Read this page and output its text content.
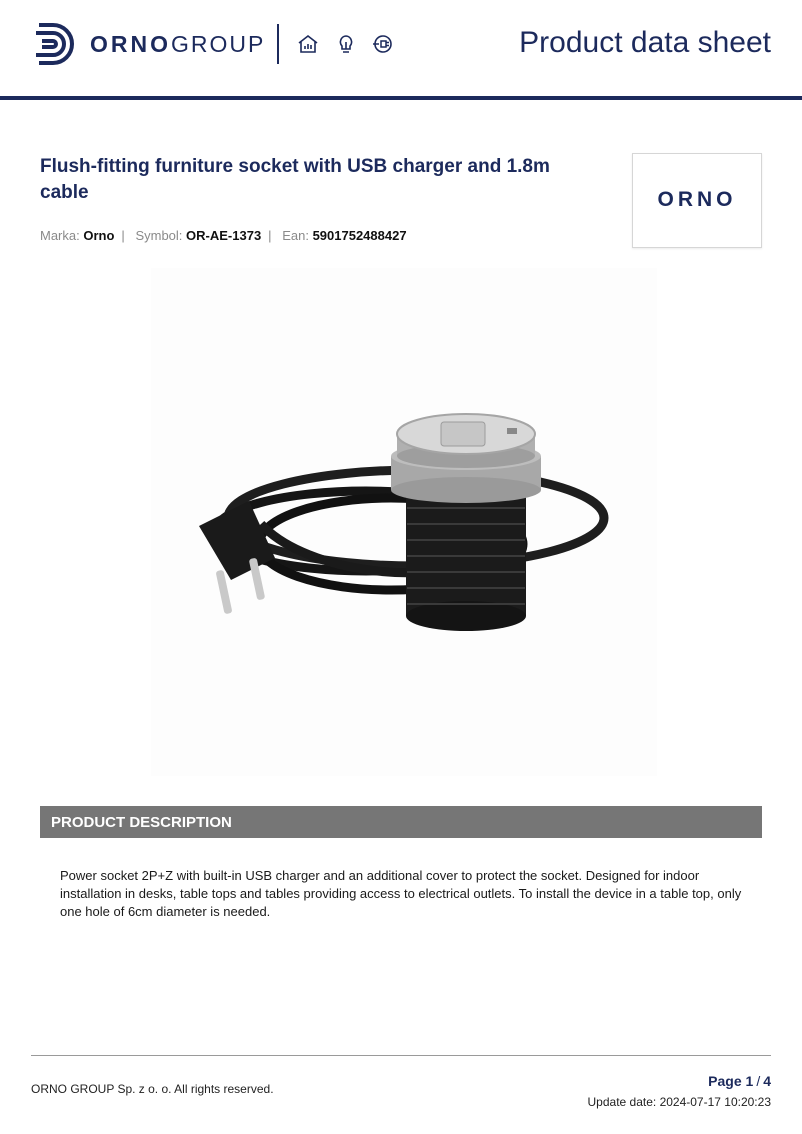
ORNOGROUP	Product data sheet
Flush-fitting furniture socket with USB charger and 1.8m cable
Marka: Orno | Symbol: OR-AE-1373 | Ean: 5901752488427
ORNO
PRODUCT DESCRIPTION
Power socket 2P+Z with built-in USB charger and an additional cover to protect the socket. Designed for indoor installation in desks, table tops and tables providing access to electrical outlets. To install the device in a table top, only one hole of 6cm diameter is needed.
ORNO GROUP Sp. z o. o. All rights reserved.	Page 1 / 4
Update date: 2024-07-17 10:20:23
